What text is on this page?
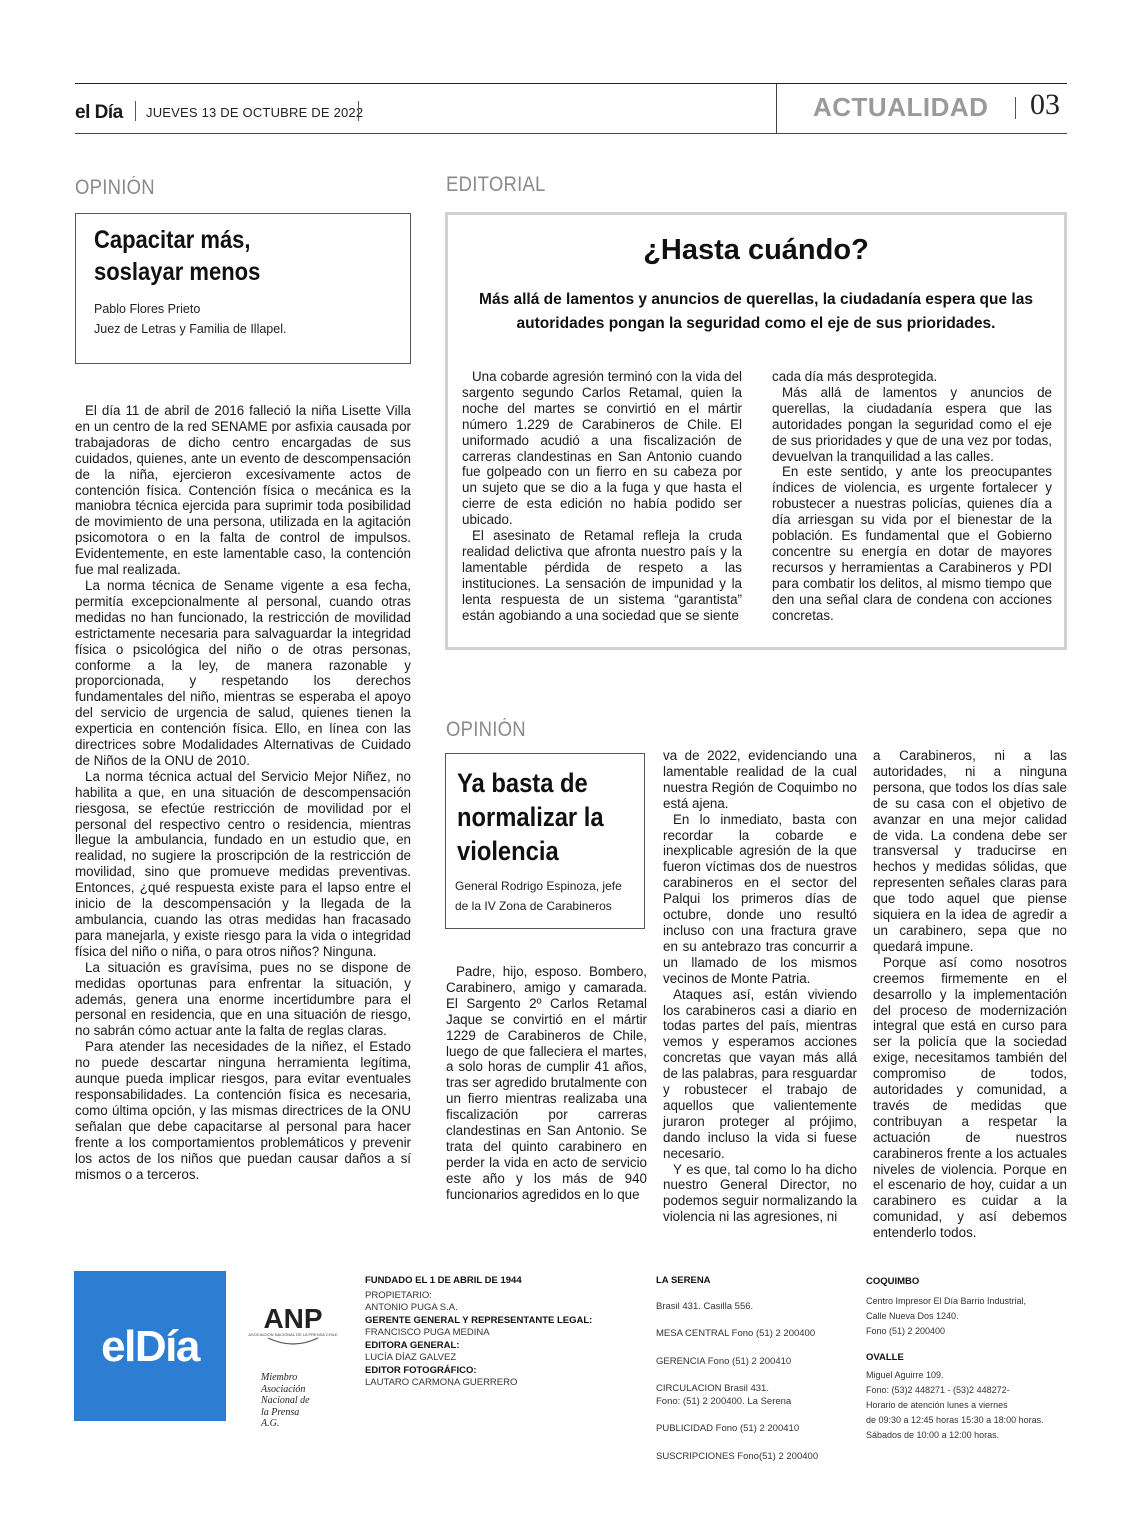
el Día JUEVES 13 DE OCTUBRE DE 2022	ACTUALIDAD 03
OPINIÓN
Capacitar más,
soslayar menos
Pablo Flores Prieto
Juez de Letras y Familia de Illapel.

El día 11 de abril de 2016 falleció la niña Lisette Villa en un centro de la red SENAME por asfixia causada por trabajadoras de dicho centro encargadas de sus cuidados, quienes, ante un evento de descompensación de la niña, ejercieron excesivamente actos de contención física. Contención física o mecánica es la maniobra técnica ejercida para suprimir toda posibilidad de movimiento de una persona, utilizada en la agitación psicomotora o en la falta de control de impulsos. Evidentemente, en este lamentable caso, la contención fue mal realizada.

La norma técnica de Sename vigente a esa fecha, permitía excepcionalmente al personal, cuando otras medidas no han funcionado, la restricción de movilidad estrictamente necesaria para salvaguardar la integridad física o psicológica del niño o de otras personas, conforme a la ley, de manera razonable y proporcionada, y respetando los derechos fundamentales del niño, mientras se esperaba el apoyo del servicio de urgencia de salud, quienes tienen la experticia en contención física. Ello, en línea con las directrices sobre Modalidades Alternativas de Cuidado de Niños de la ONU de 2010.

La norma técnica actual del Servicio Mejor Niñez, no habilita a que, en una situación de descompensación riesgosa, se efectúe restricción de movilidad por el personal del respectivo centro o residencia, mientras llegue la ambulancia, fundado en un estudio que, en realidad, no sugiere la proscripción de la restricción de movilidad, sino que promueve medidas preventivas. Entonces, ¿qué respuesta existe para el lapso entre el inicio de la descompensación y la llegada de la ambulancia, cuando las otras medidas han fracasado para manejarla, y existe riesgo para la vida o integridad física del niño o niña, o para otros niños? Ninguna.

La situación es gravísima, pues no se dispone de medidas oportunas para enfrentar la situación, y además, genera una enorme incertidumbre para el personal en residencia, que en una situación de riesgo, no sabrán cómo actuar ante la falta de reglas claras.

Para atender las necesidades de la niñez, el Estado no puede descartar ninguna herramienta legítima, aunque pueda implicar riesgos, para evitar eventuales responsabilidades. La contención física es necesaria, como última opción, y las mismas directrices de la ONU señalan que debe capacitarse al personal para hacer frente a los comportamientos problemáticos y prevenir los actos de los niños que puedan causar daños a sí mismos o a terceros.

EDITORIAL
¿Hasta cuándo?
Más allá de lamentos y anuncios de querellas, la ciudadanía espera que las
autoridades pongan la seguridad como el eje de sus prioridades.

Una cobarde agresión terminó con la vida del sargento segundo Carlos Retamal, quien la noche del martes se convirtió en el mártir número 1.229 de Carabineros de Chile. El uniformado acudió a una fiscalización de carreras clandestinas en San Antonio cuando fue golpeado con un fierro en su cabeza por un sujeto que se dio a la fuga y que hasta el cierre de esta edición no había podido ser ubicado.

El asesinato de Retamal refleja la cruda realidad delictiva que afronta nuestro país y la lamentable pérdida de respeto a las instituciones. La sensación de impunidad y la lenta respuesta de un sistema “garantista” están agobiando a una sociedad que se siente

cada día más desprotegida.

Más allá de lamentos y anuncios de querellas, la ciudadanía espera que las autoridades pongan la seguridad como el eje de sus prioridades y que de una vez por todas, devuelvan la tranquilidad a las calles.

En este sentido, y ante los preocupantes índices de violencia, es urgente fortalecer y robustecer a nuestras policías, quienes día a día arriesgan su vida por el bienestar de la población. Es fundamental que el Gobierno concentre su energía en dotar de mayores recursos y herramientas a Carabineros y PDI para combatir los delitos, al mismo tiempo que den una señal clara de condena con acciones concretas.

OPINIÓN
Ya basta de
normalizar la
violencia
General Rodrigo Espinoza, jefe
de la IV Zona de Carabineros

Padre, hijo, esposo. Bombero, Carabinero, amigo y camarada. El Sargento 2º Carlos Retamal Jaque se convirtió en el mártir 1229 de Carabineros de Chile, luego de que falleciera el martes, a solo horas de cumplir 41 años, tras ser agredido brutalmente con un fierro mientras realizaba una fiscalización por carreras clandestinas en San Antonio. Se trata del quinto carabinero en perder la vida en acto de servicio este año y los más de 940 funcionarios agredidos en lo que

va de 2022, evidenciando una lamentable realidad de la cual nuestra Región de Coquimbo no está ajena.

En lo inmediato, basta con recordar la cobarde e inexplicable agresión de la que fueron víctimas dos de nuestros carabineros en el sector del Palqui los primeros días de octubre, donde uno resultó incluso con una fractura grave en su antebrazo tras concurrir a un llamado de los mismos vecinos de Monte Patria.

Ataques así, están viviendo los carabineros casi a diario en todas partes del país, mientras vemos y esperamos acciones concretas que vayan más allá de las palabras, para resguardar y robustecer el trabajo de aquellos que valientemente juraron proteger al prójimo, dando incluso la vida si fuese necesario.

Y es que, tal como lo ha dicho nuestro General Director, no podemos seguir normalizando la violencia ni las agresiones, ni

a Carabineros, ni a las autoridades, ni a ninguna persona, que todos los días sale de su casa con el objetivo de avanzar en una mejor calidad de vida. La condena debe ser transversal y traducirse en hechos y medidas sólidas, que representen señales claras para que todo aquel que piense siquiera en la idea de agredir a un carabinero, sepa que no quedará impune.

Porque así como nosotros creemos firmemente en el desarrollo y la implementación del proceso de modernización integral que está en curso para ser la policía que la sociedad exige, necesitamos también del compromiso de todos, autoridades y comunidad, a través de medidas que contribuyan a respetar la actuación de nuestros carabineros frente a los actuales niveles de violencia. Porque en el escenario de hoy, cuidar a un carabinero es cuidar a la comunidad, y así debemos entenderlo todos.

elDía
ANP
ASOCIACIÓN NACIONAL DE LA PRENSA CHILE
Miembro
Asociación
Nacional de
la Prensa
A.G.
FUNDADO EL 1 DE ABRIL DE 1944
PROPIETARIO:
ANTONIO PUGA S.A.
GERENTE GENERAL Y REPRESENTANTE LEGAL:
FRANCISCO PUGA MEDINA
EDITORA GENERAL:
LUCÍA DÍAZ GALVEZ
EDITOR FOTOGRÁFICO:
LAUTARO CARMONA GUERRERO
LA SERENA
Brasil 431. Casilla 556.
MESA CENTRAL Fono (51) 2 200400
GERENCIA Fono (51) 2 200410
CIRCULACION Brasil 431.
Fono: (51) 2 200400. La Serena
PUBLICIDAD Fono (51) 2 200410
SUSCRIPCIONES Fono(51) 2 200400
COQUIMBO
Centro Impresor El Día Barrio Industrial,
Calle Nueva Dos 1240.
Fono (51) 2 200400
OVALLE
Miguel Aguirre 109.
Fono: (53)2 448271 - (53)2 448272-
Horario de atención lunes a viernes
de 09:30 a 12:45 horas 15:30 a 18:00 horas.
Sábados de 10:00 a 12:00 horas.
